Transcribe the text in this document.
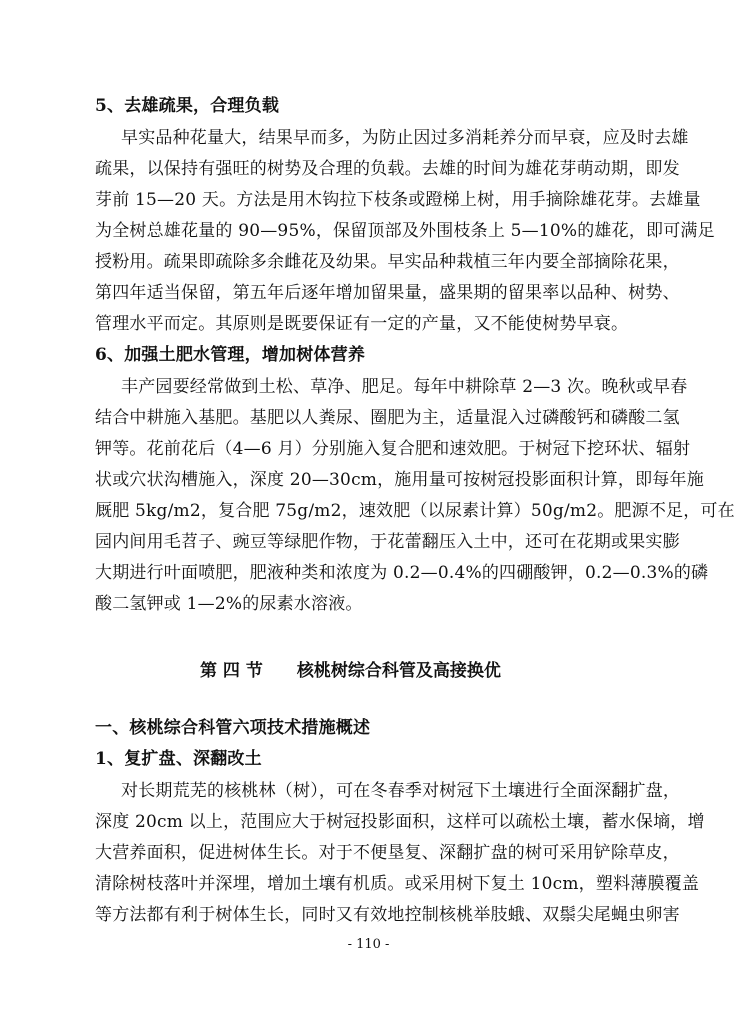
5、去雄疏果，合理负载
早实品种花量大，结果早而多，为防止因过多消耗养分而早衰，应及时去雄
疏果，以保持有强旺的树势及合理的负载。去雄的时间为雄花芽萌动期，即发
芽前 15—20 天。方法是用木钩拉下枝条或蹬梯上树，用手摘除雄花芽。去雄量
为全树总雄花量的 90—95%，保留顶部及外围枝条上 5—10%的雄花，即可满足
授粉用。疏果即疏除多余雌花及幼果。早实品种栽植三年内要全部摘除花果，
第四年适当保留，第五年后逐年增加留果量，盛果期的留果率以品种、树势、
管理水平而定。其原则是既要保证有一定的产量，又不能使树势早衰。
6、加强土肥水管理，增加树体营养
丰产园要经常做到土松、草净、肥足。每年中耕除草 2—3 次。晚秋或早春
结合中耕施入基肥。基肥以人粪尿、圈肥为主，适量混入过磷酸钙和磷酸二氢
钾等。花前花后（4—6 月）分别施入复合肥和速效肥。于树冠下挖环状、辐射
状或穴状沟槽施入，深度 20—30cm，施用量可按树冠投影面积计算，即每年施
厩肥 5kg/m2，复合肥 75g/m2，速效肥（以尿素计算）50g/m2。肥源不足，可在
园内间用毛苕子、豌豆等绿肥作物，于花蕾翻压入土中，还可在花期或果实膨
大期进行叶面喷肥，肥液种类和浓度为 0.2—0.4%的四硼酸钾，0.2—0.3%的磷
酸二氢钾或 1—2%的尿素水溶液。
第 四 节　　核桃树综合科管及高接换优
一、核桃综合科管六项技术措施概述
1、复扩盘、深翻改土
对长期荒芜的核桃林（树），可在冬春季对树冠下土壤进行全面深翻扩盘，
深度 20cm 以上，范围应大于树冠投影面积，这样可以疏松土壤，蓄水保墒，增
大营养面积，促进树体生长。对于不便垦复、深翻扩盘的树可采用铲除草皮，
清除树枝落叶并深埋，增加土壤有机质。或采用树下复土 10cm，塑料薄膜覆盖
等方法都有利于树体生长，同时又有效地控制核桃举肢蛾、双鬃尖尾蝇虫卵害
- 110 -
